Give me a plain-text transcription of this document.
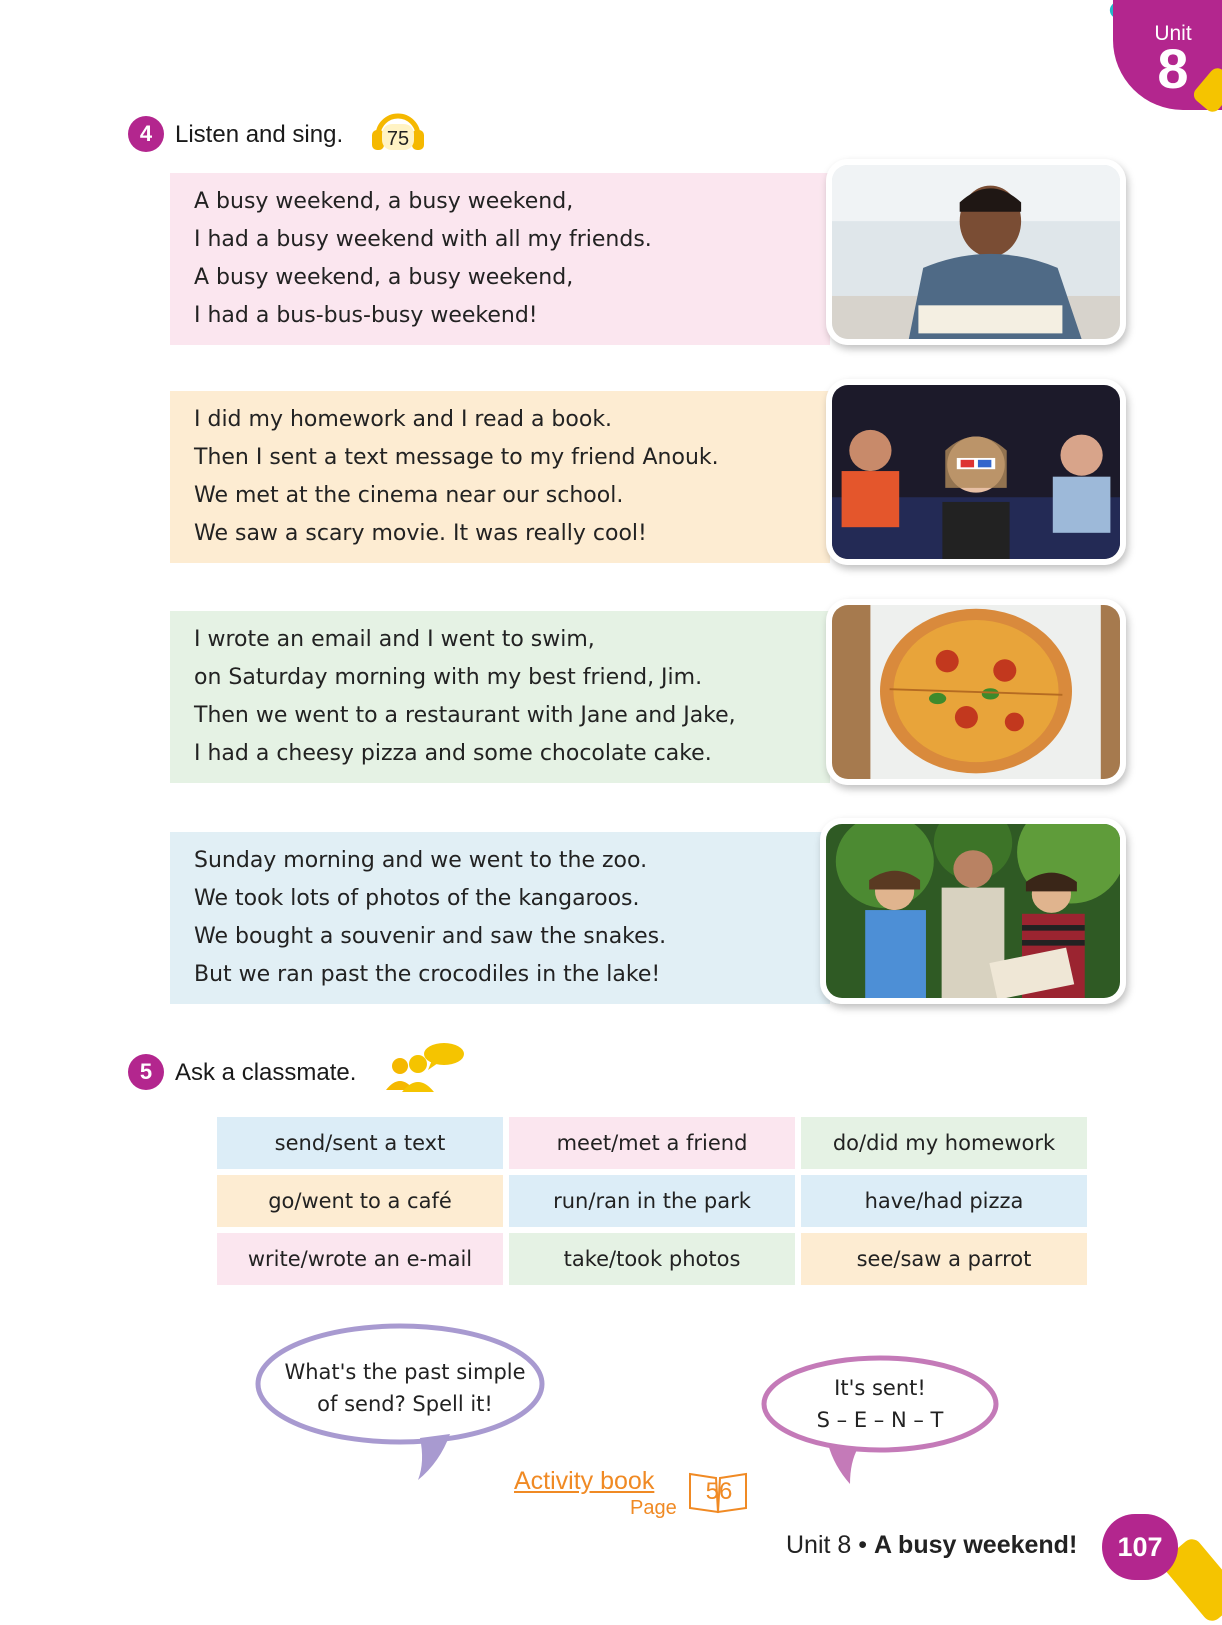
Unit
8
4 Listen and sing. 75
A busy weekend, a busy weekend,
I had a busy weekend with all my friends.
A busy weekend, a busy weekend,
I had a bus-bus-busy weekend!
I did my homework and I read a book.
Then I sent a text message to my friend Anouk.
We met at the cinema near our school.
We saw a scary movie. It was really cool!
I wrote an email and I went to swim,
on Saturday morning with my best friend, Jim.
Then we went to a restaurant with Jane and Jake,
I had a cheesy pizza and some chocolate cake.
Sunday morning and we went to the zoo.
We took lots of photos of the kangaroos.
We bought a souvenir and saw the snakes.
But we ran past the crocodiles in the lake!
5 Ask a classmate.
send/sent a text	meet/met a friend	do/did my homework
go/went to a café	run/ran in the park	have/had pizza
write/wrote an e-mail	take/took photos	see/saw a parrot
What's the past simple
of send? Spell it!
It's sent!
S – E – N – T
Activity book
Page
56
Unit 8 • A busy weekend!	107
